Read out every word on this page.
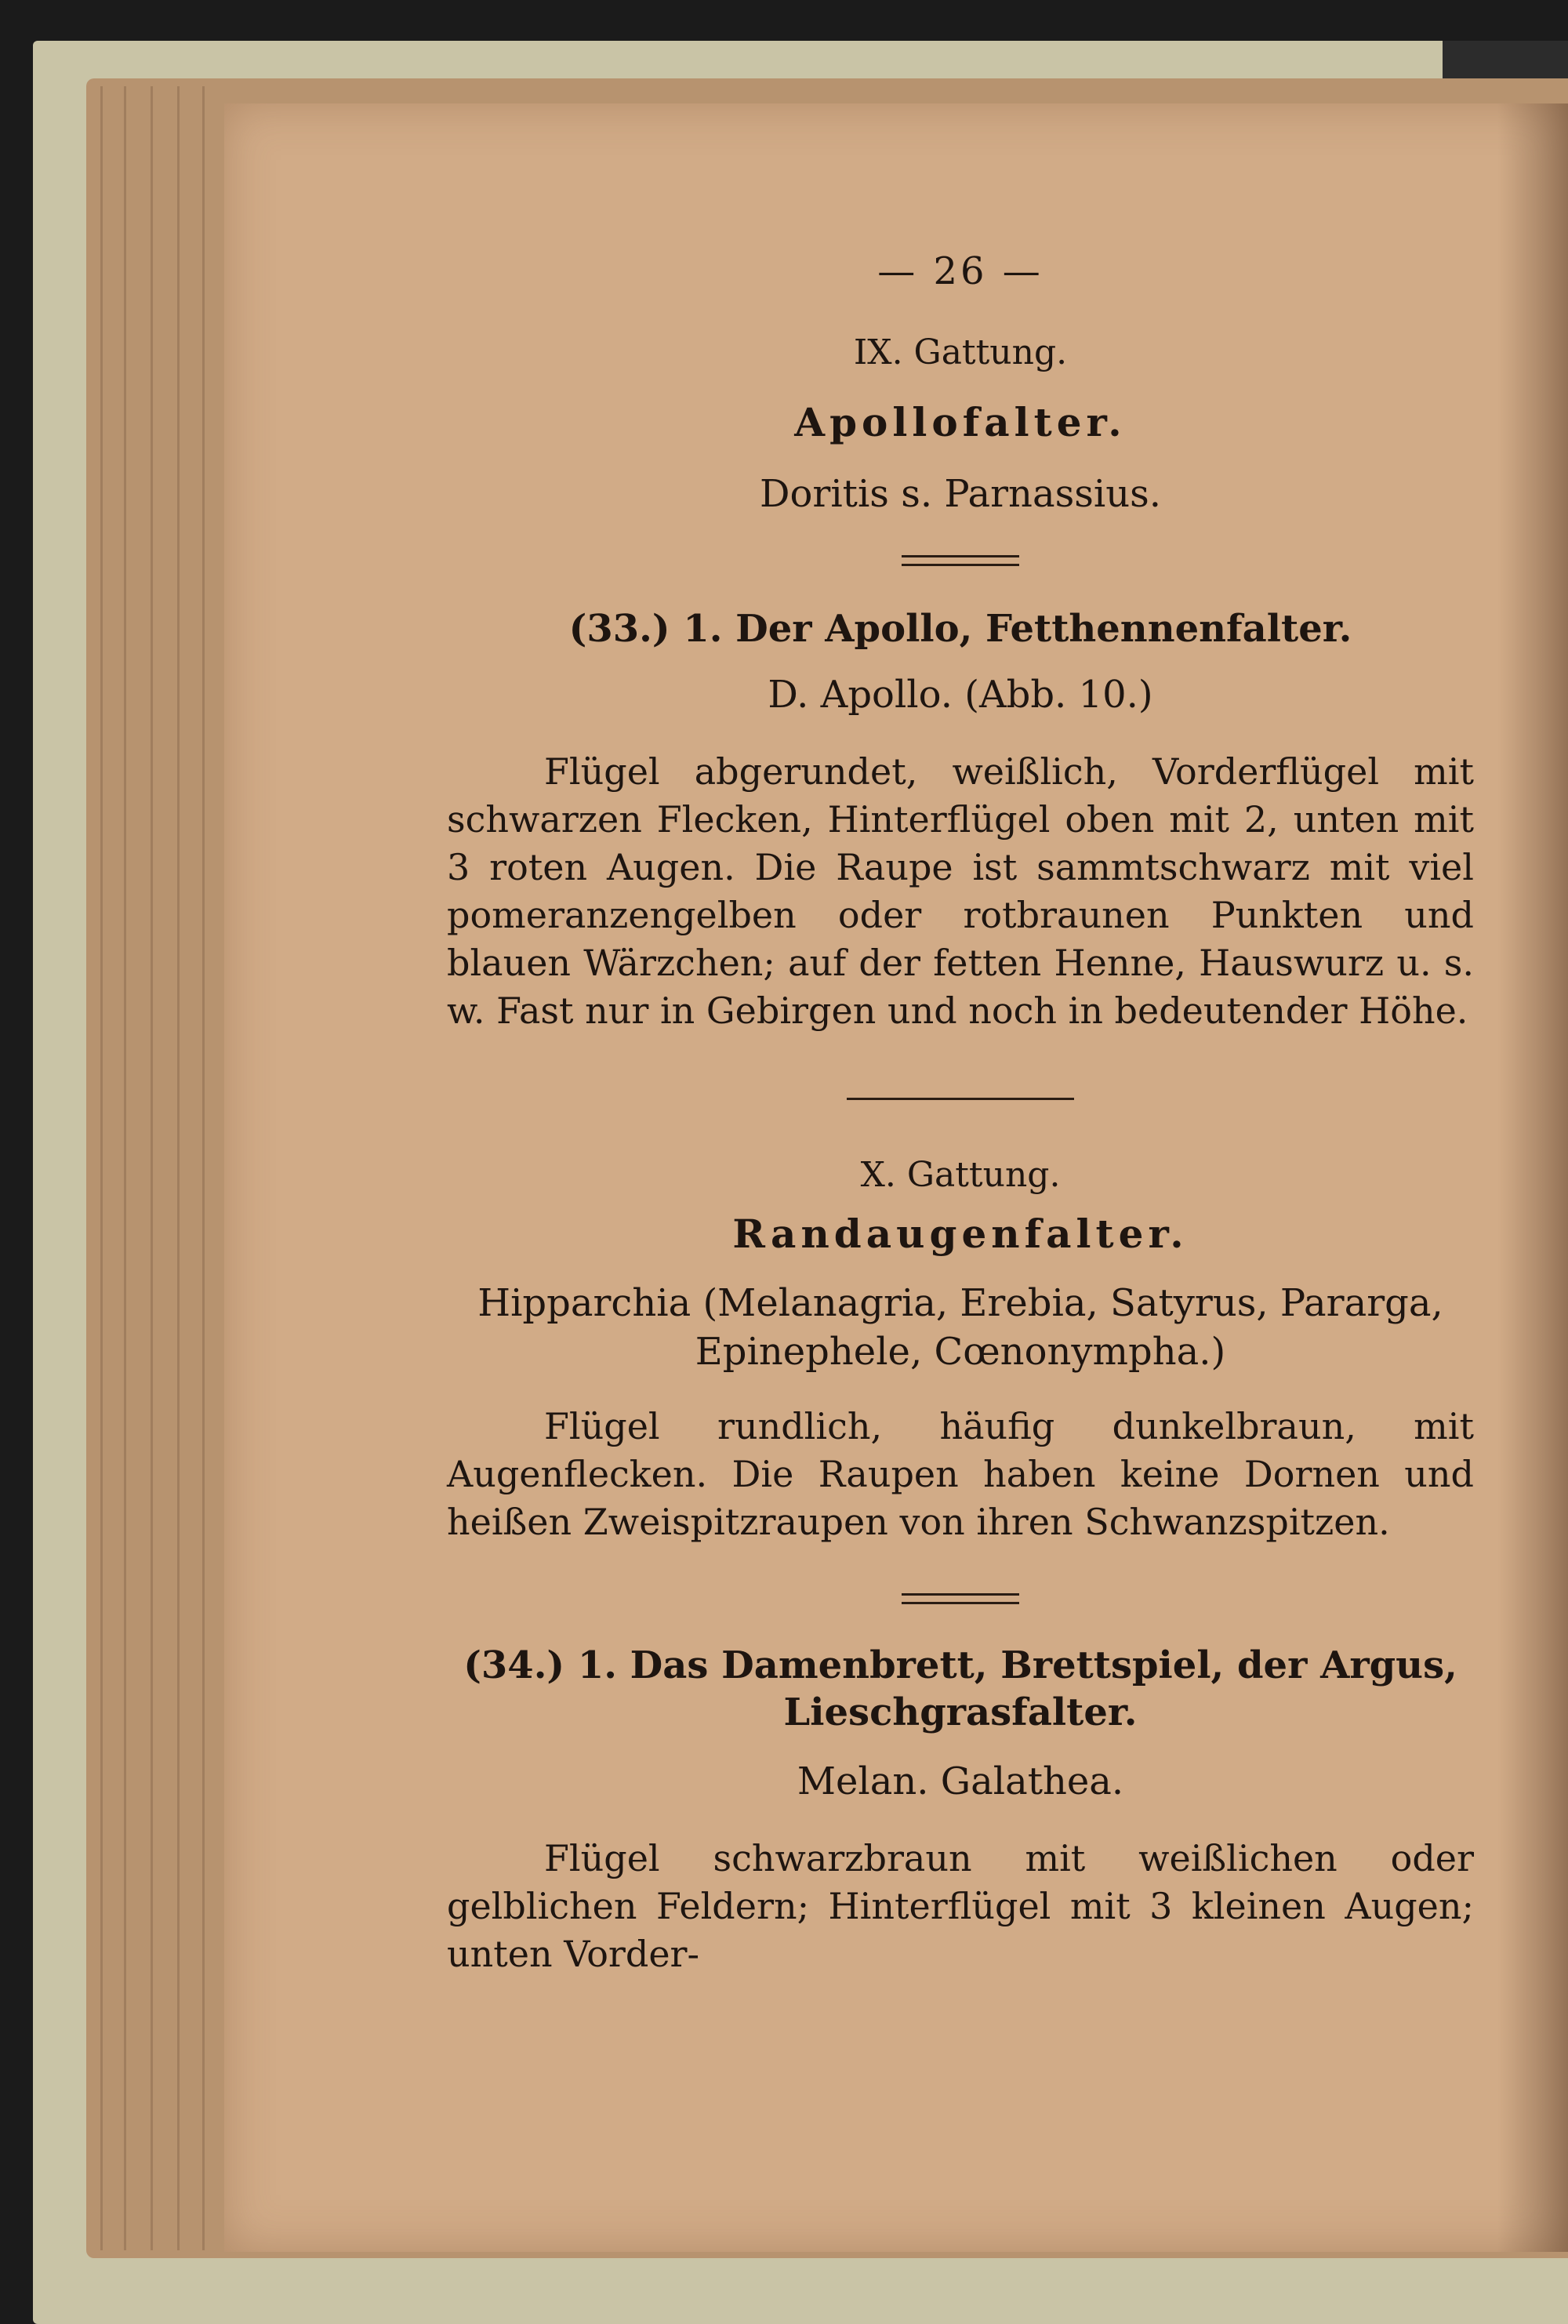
— 26 —
IX. Gattung.
Apollofalter.
Doritis s. Parnassius.
(33.) 1. Der Apollo, Fetthennenfalter.
D. Apollo. (Abb. 10.)
Flügel abgerundet, weißlich, Vorderflügel mit schwarzen Flecken, Hinterflügel oben mit 2, unten mit 3 roten Augen. Die Raupe ist sammtschwarz mit viel pomeranzengelben oder rotbraunen Punkten und blauen Wärzchen; auf der fetten Henne, Hauswurz u. s. w. Fast nur in Gebirgen und noch in bedeutender Höhe.
X. Gattung.
Randaugenfalter.
Hipparchia (Melanagria, Erebia, Satyrus, Pararga, Epinephele, Cœnonympha.)
Flügel rundlich, häufig dunkelbraun, mit Augenflecken. Die Raupen haben keine Dornen und heißen Zweispitzraupen von ihren Schwanzspitzen.
(34.) 1. Das Damenbrett, Brettspiel, der Argus, Lieschgrasfalter.
Melan. Galathea.
Flügel schwarzbraun mit weißlichen oder gelblichen Feldern; Hinterflügel mit 3 kleinen Augen; unten Vorder-
